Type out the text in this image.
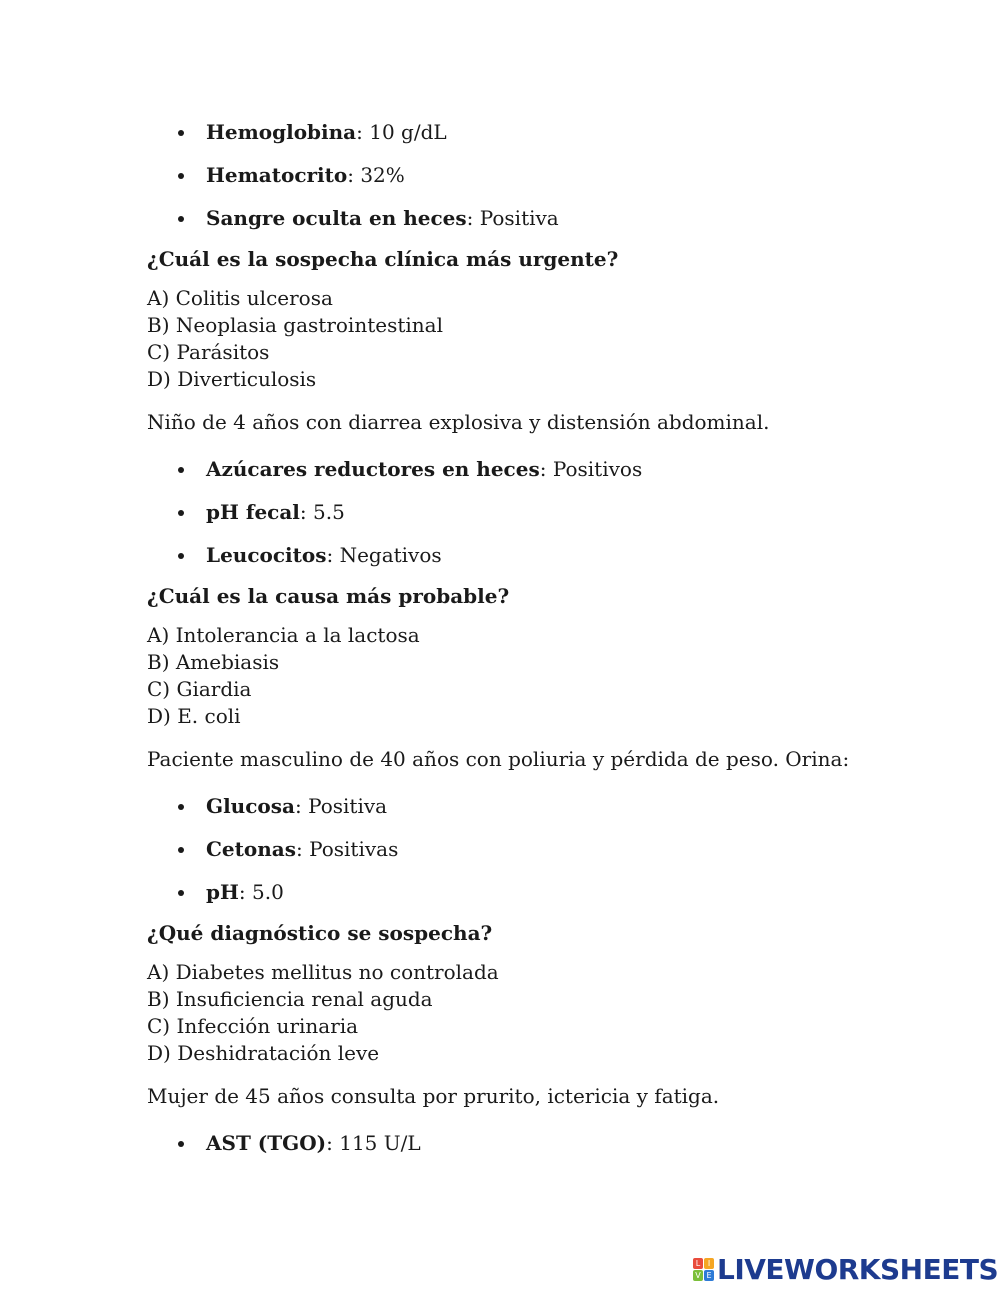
Hemoglobina: 10 g/dL
Hematocrito: 32%
Sangre oculta en heces: Positiva

¿Cuál es la sospecha clínica más urgente?

A) Colitis ulcerosa
B) Neoplasia gastrointestinal
C) Parásitos
D) Diverticulosis

Niño de 4 años con diarrea explosiva y distensión abdominal.

Azúcares reductores en heces: Positivos
pH fecal: 5.5
Leucocitos: Negativos

¿Cuál es la causa más probable?

A) Intolerancia a la lactosa
B) Amebiasis
C) Giardia
D) E. coli

Paciente masculino de 40 años con poliuria y pérdida de peso. Orina:

Glucosa: Positiva
Cetonas: Positivas
pH: 5.0

¿Qué diagnóstico se sospecha?

A) Diabetes mellitus no controlada
B) Insuficiencia renal aguda
C) Infección urinaria
D) Deshidratación leve

Mujer de 45 años consulta por prurito, ictericia y fatiga.

AST (TGO): 115 U/L
L I
V E LIVEWORKSHEETS
